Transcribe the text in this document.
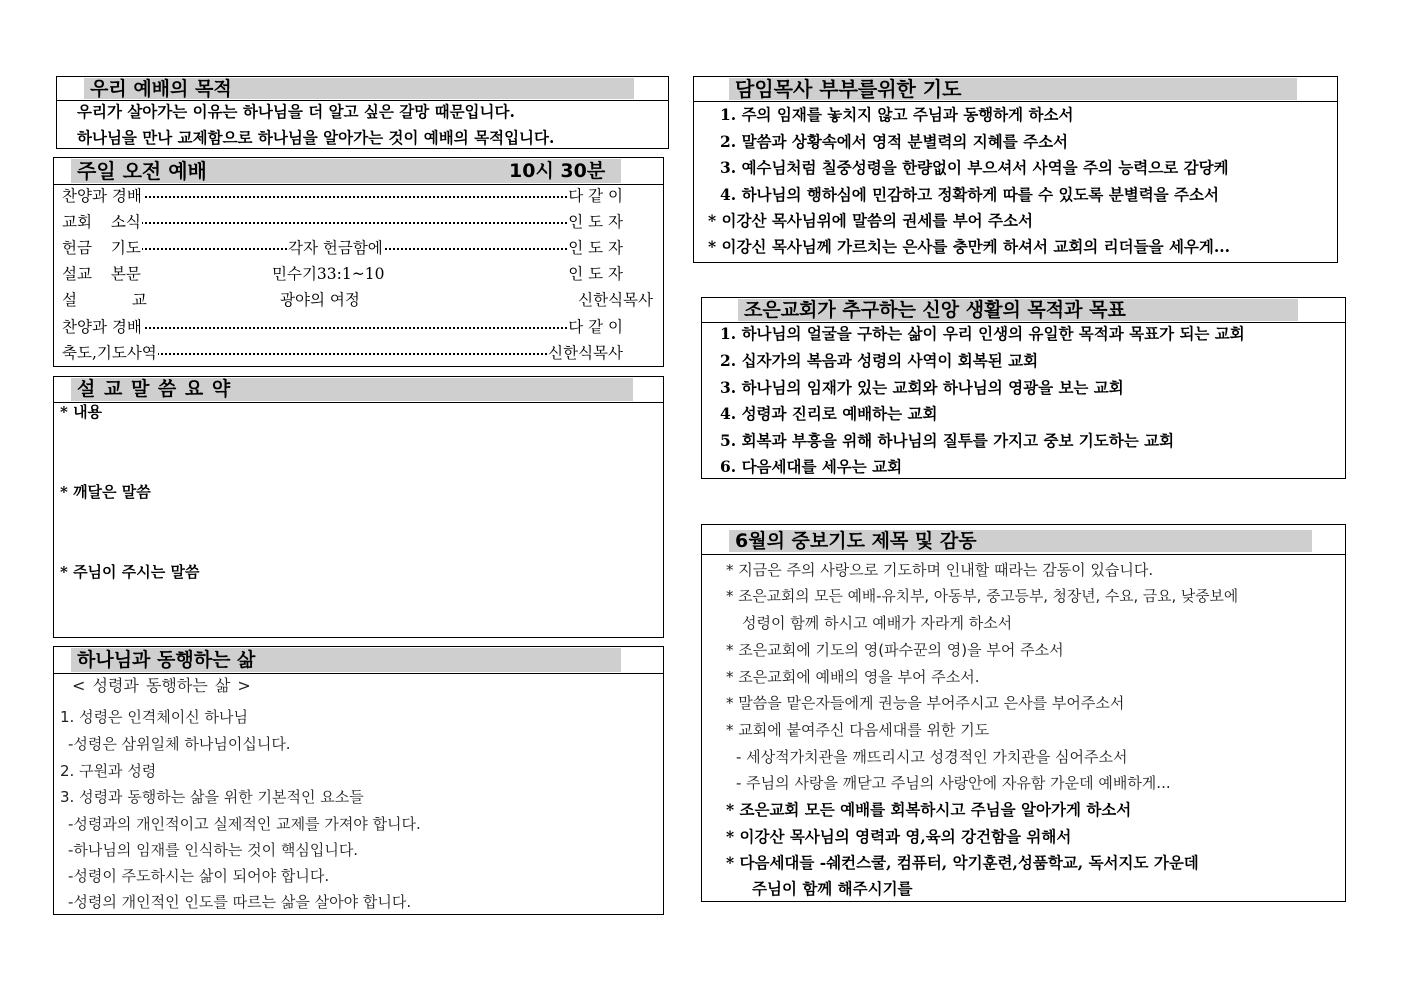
우리 예배의 목적
우리가 살아가는 이유는 하나님을 더 알고 싶은 갈망 때문입니다.
하나님을 만나 교제함으로 하나님을 알아가는 것이 예배의 목적입니다.
주일 오전 예배	10시 30분
찬양과 경배	다 같 이
교회 소식	인 도 자
헌금 기도	각자 헌금함에	인 도 자
설교 본문	민수기33:1~10	인 도 자
설 교	광야의 여정	신한식목사
찬양과 경배	다 같 이
축도,기도사역	신한식목사
설 교 말 씀 요 약
* 내용
* 깨달은 말씀
* 주님이 주시는 말씀
하나님과 동행하는 삶
< 성령과 동행하는 삶 >
1. 성령은 인격체이신 하나님
-성령은 삼위일체 하나님이십니다.
2. 구원과 성령
3. 성령과 동행하는 삶을 위한 기본적인 요소들
-성령과의 개인적이고 실제적인 교제를 가져야 합니다.
-하나님의 임재를 인식하는 것이 핵심입니다.
-성령이 주도하시는 삶이 되어야 합니다.
-성령의 개인적인 인도를 따르는 삶을 살아야 합니다.
담임목사 부부를위한 기도
1. 주의 임재를 놓치지 않고 주님과 동행하게 하소서
2. 말씀과 상황속에서 영적 분별력의 지혜를 주소서
3. 예수님처럼 칠중성령을 한량없이 부으셔서 사역을 주의 능력으로 감당케
4. 하나님의 행하심에 민감하고 정확하게 따를 수 있도록 분별력을 주소서
* 이강산 목사님위에 말씀의 권세를 부어 주소서
* 이강신 목사님께 가르치는 은사를 충만케 하셔서 교회의 리더들을 세우게...
조은교회가 추구하는 신앙 생활의 목적과 목표
1. 하나님의 얼굴을 구하는 삶이 우리 인생의 유일한 목적과 목표가 되는 교회
2. 십자가의 복음과 성령의 사역이 회복된 교회
3. 하나님의 임재가 있는 교회와 하나님의 영광을 보는 교회
4. 성령과 진리로 예배하는 교회
5. 회복과 부흥을 위해 하나님의 질투를 가지고 중보 기도하는 교회
6. 다음세대를 세우는 교회
6월의 중보기도 제목 및 감동
* 지금은 주의 사랑으로 기도하며 인내할 때라는 감동이 있습니다.
* 조은교회의 모든 예배-유치부, 아동부, 중고등부, 청장년, 수요, 금요, 낮중보에
성령이 함께 하시고 예배가 자라게 하소서
* 조은교회에 기도의 영(파수꾼의 영)을 부어 주소서
* 조은교회에 예배의 영을 부어 주소서.
* 말씀을 맡은자들에게 권능을 부어주시고 은사를 부어주소서
* 교회에 붙여주신 다음세대를 위한 기도
- 세상적가치관을 깨뜨리시고 성경적인 가치관을 심어주소서
- 주님의 사랑을 깨닫고 주님의 사랑안에 자유함 가운데 예배하게...
* 조은교회 모든 예배를 회복하시고 주님을 알아가게 하소서
* 이강산 목사님의 영력과 영,육의 강건함을 위해서
* 다음세대들 -쉐컨스쿨, 컴퓨터, 악기훈련,성품학교, 독서지도 가운데
주님이 함께 해주시기를
